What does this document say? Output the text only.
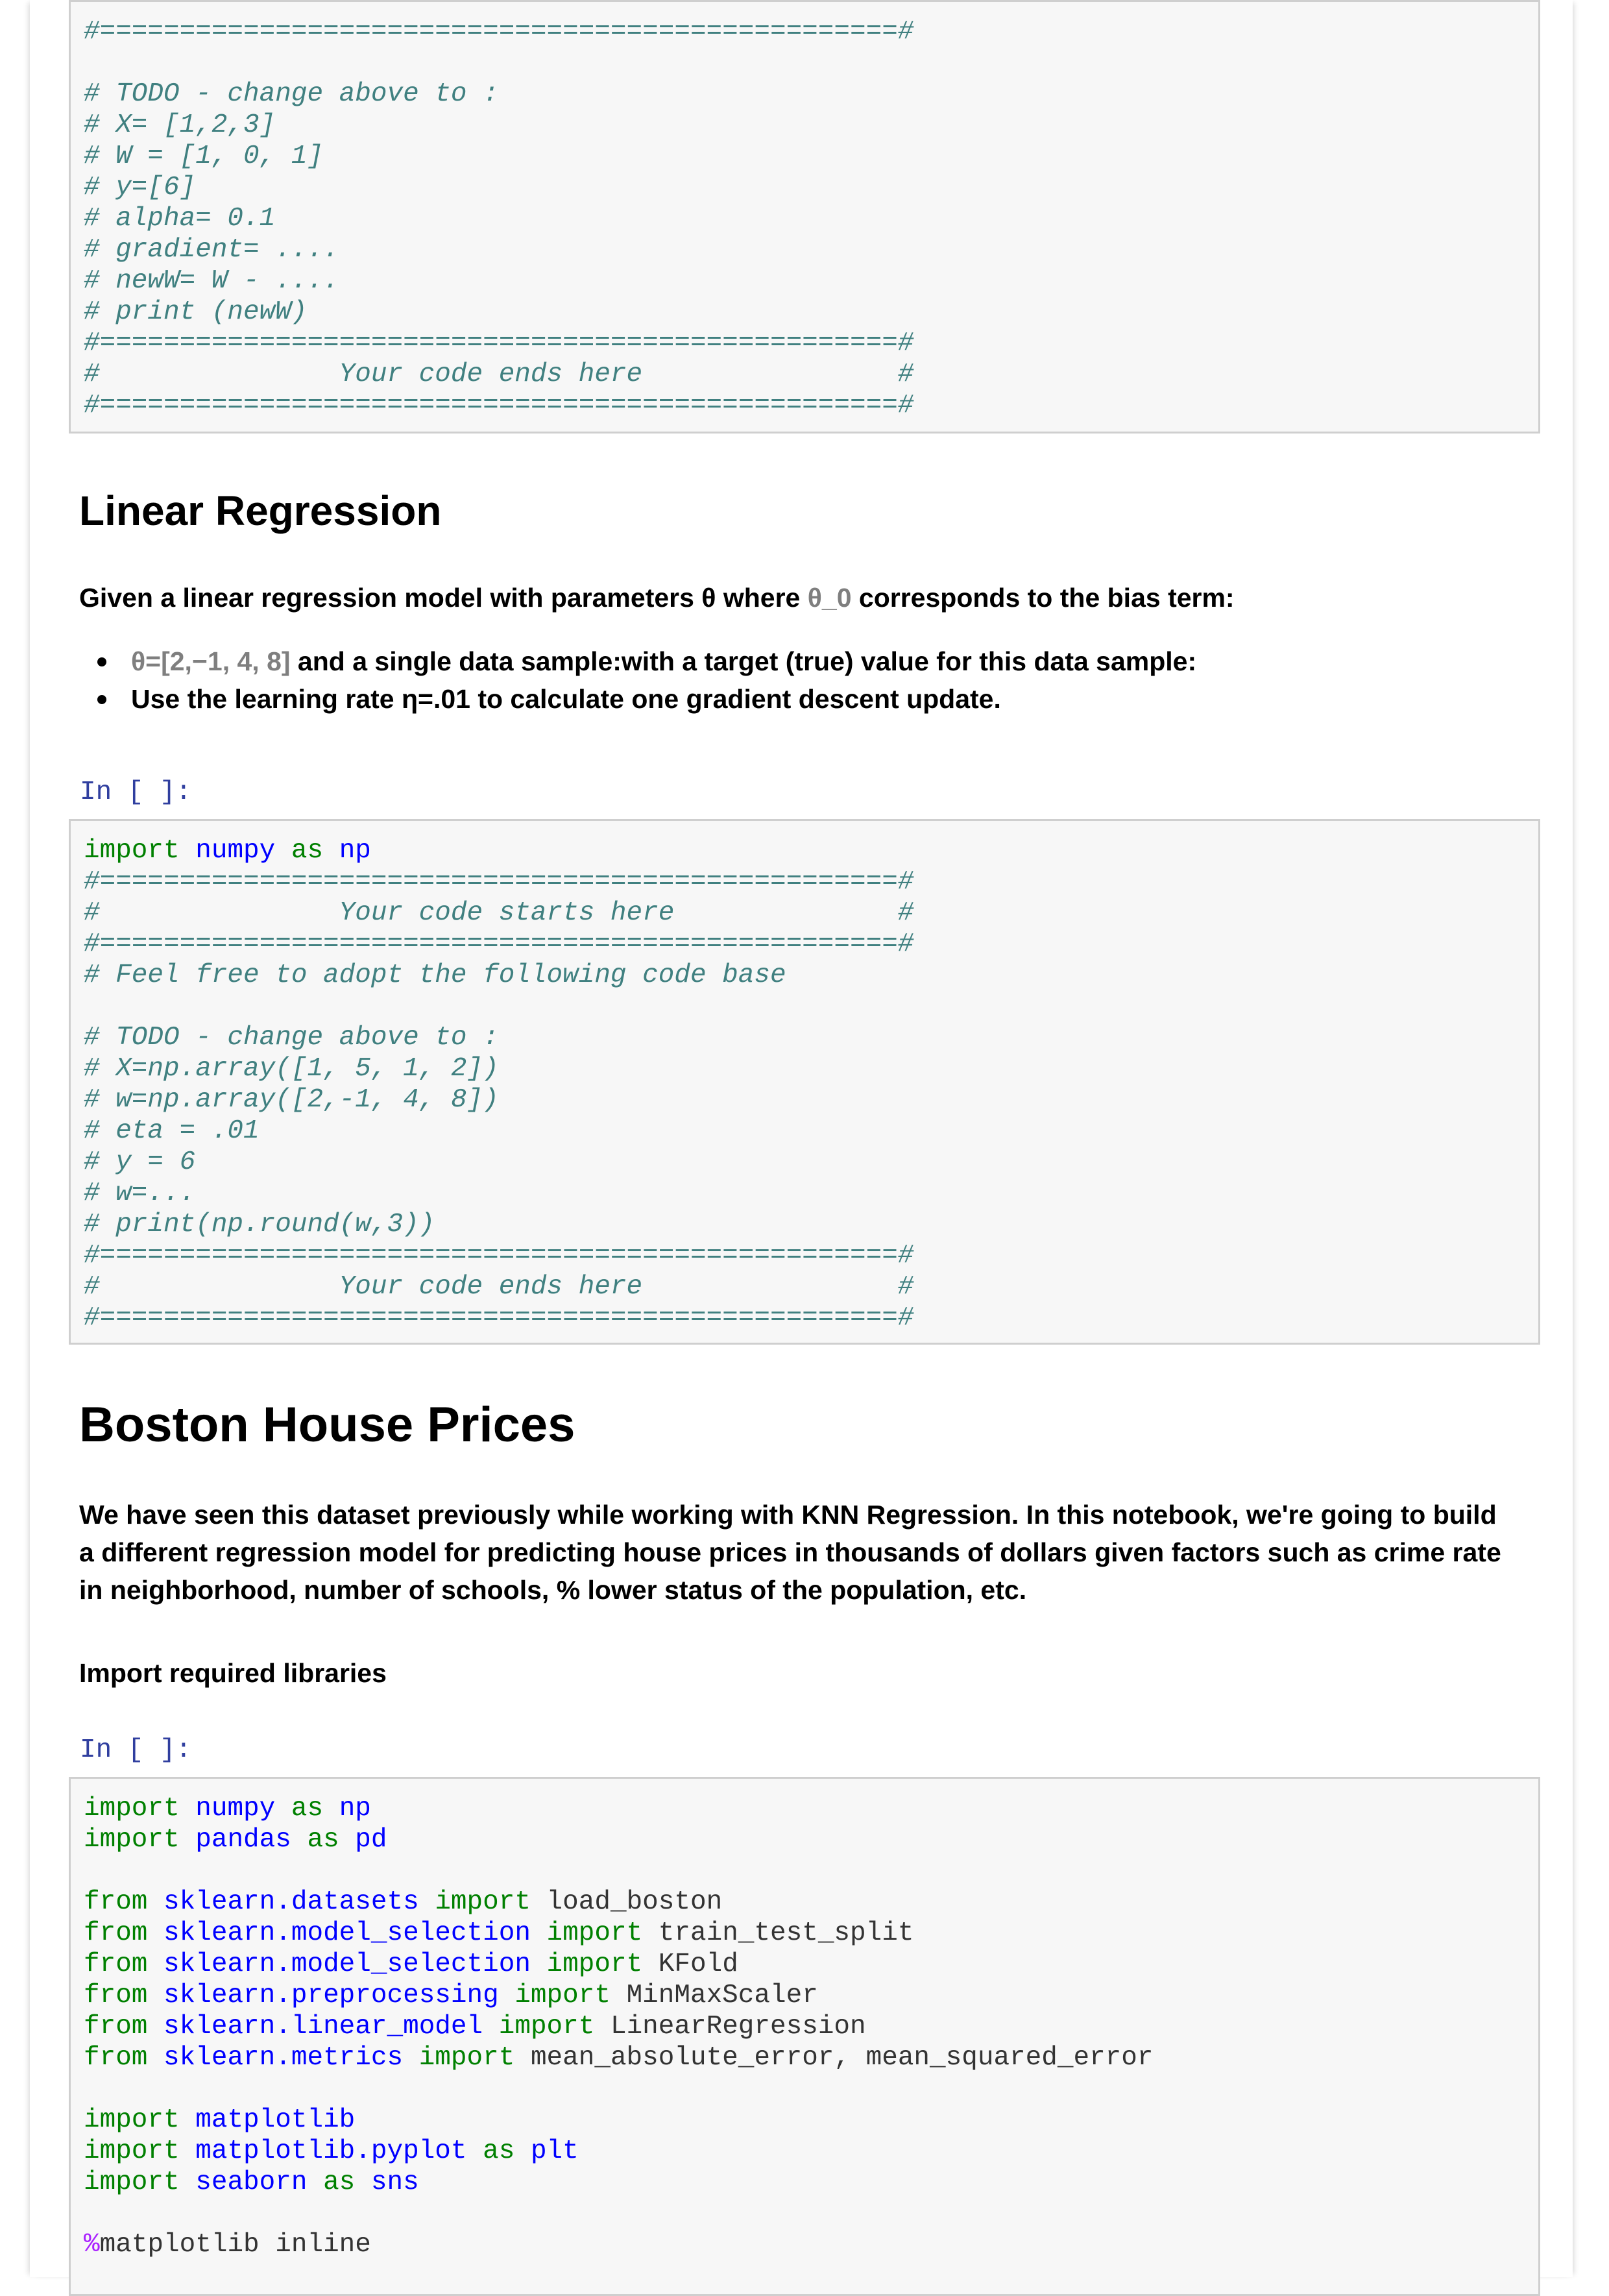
#==================================================#
# TODO - change above to :
# X= [1,2,3]
# W = [1, 0, 1]
# y=[6]
# alpha= 0.1
# gradient= ....
# newW= W - ....
# print (newW)
#==================================================#
#               Your code ends here                #
#==================================================#
Linear Regression
Given a linear regression model with parameters θ where θ_0 corresponds to the bias term:
θ=[2,−1, 4, 8] and a single data sample:with a target (true) value for this data sample:
Use the learning rate η=.01 to calculate one gradient descent update.
In [ ]:
import numpy as np
#==================================================#
#               Your code starts here              #
#==================================================#
# Feel free to adopt the following code base
# TODO - change above to :
# X=np.array([1, 5, 1, 2])
# w=np.array([2,-1, 4, 8])
# eta = .01
# y = 6
# w=...
# print(np.round(w,3))
#==================================================#
#               Your code ends here                #
#==================================================#
Boston House Prices
We have seen this dataset previously while working with KNN Regression. In this notebook, we're going to build
a different regression model for predicting house prices in thousands of dollars given factors such as crime rate
in neighborhood, number of schools, % lower status of the population, etc.
Import required libraries
In [ ]:
import numpy as np
import pandas as pd
from sklearn.datasets import load_boston
from sklearn.model_selection import train_test_split
from sklearn.model_selection import KFold
from sklearn.preprocessing import MinMaxScaler
from sklearn.linear_model import LinearRegression
from sklearn.metrics import mean_absolute_error, mean_squared_error
import matplotlib
import matplotlib.pyplot as plt
import seaborn as sns
%matplotlib inline
